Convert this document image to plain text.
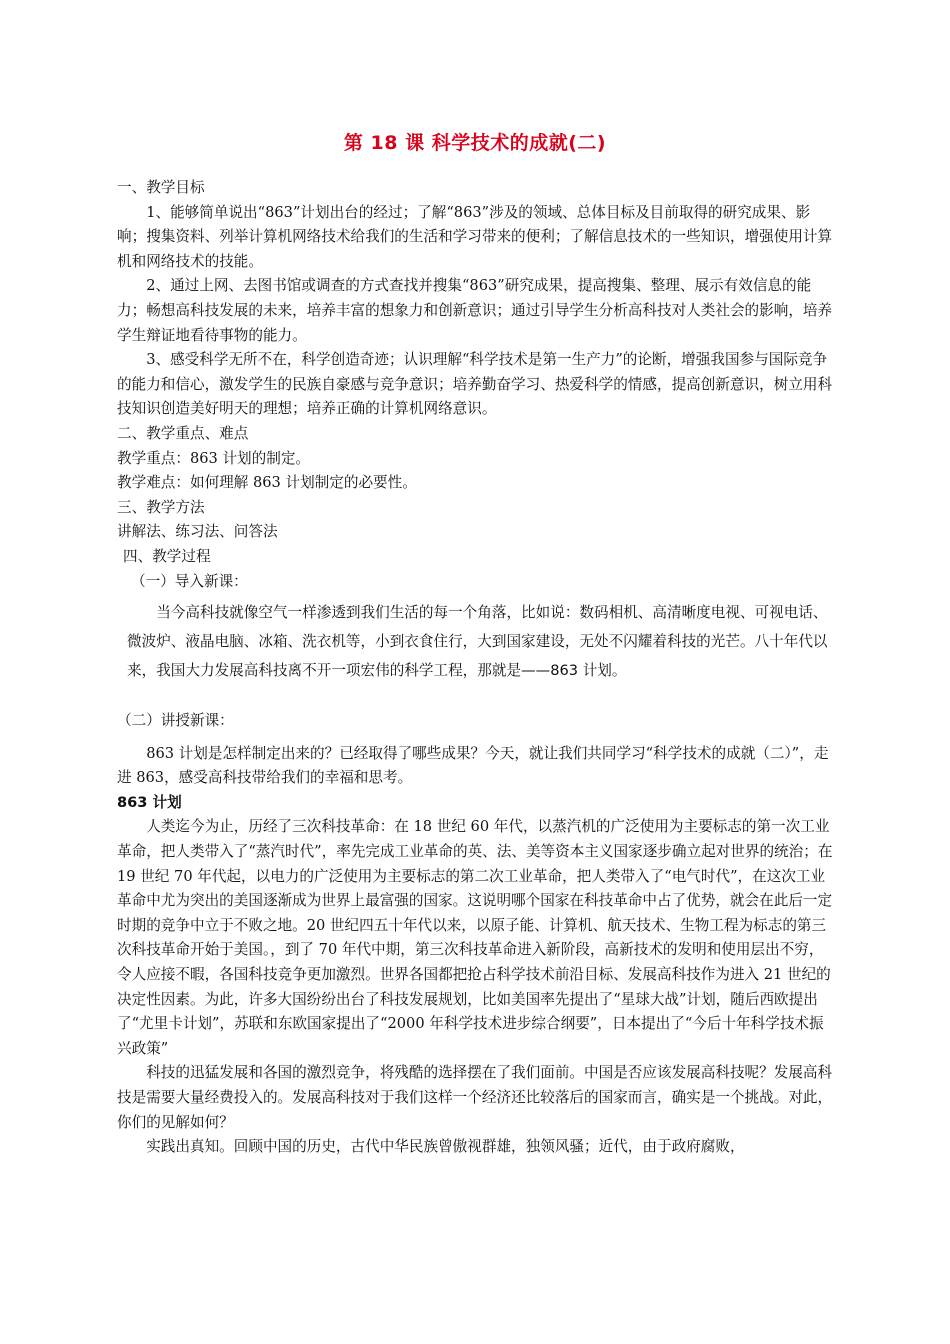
第 18 课 科学技术的成就(二)

一、教学目标

1、能够简单说出“863”计划出台的经过；了解“863”涉及的领域、总体目标及目前取得的研究成果、影响；搜集资料、列举计算机网络技术给我们的生活和学习带来的便利；了解信息技术的一些知识，增强使用计算机和网络技术的技能。

2、通过上网、去图书馆或调查的方式查找并搜集“863”研究成果，提高搜集、整理、展示有效信息的能力；畅想高科技发展的未来，培养丰富的想象力和创新意识；通过引导学生分析高科技对人类社会的影响，培养学生辩证地看待事物的能力。

3、感受科学无所不在，科学创造奇迹；认识理解“科学技术是第一生产力”的论断，增强我国参与国际竞争的能力和信心，激发学生的民族自豪感与竞争意识；培养勤奋学习、热爱科学的情感，提高创新意识，树立用科技知识创造美好明天的理想；培养正确的计算机网络意识。

二、教学重点、难点

教学重点：863 计划的制定。

教学难点：如何理解 863 计划制定的必要性。

三、教学方法

讲解法、练习法、问答法

四、教学过程

（一）导入新课：

当今高科技就像空气一样渗透到我们生活的每一个角落，比如说：数码相机、高清晰度电视、可视电话、微波炉、液晶电脑、冰箱、洗衣机等，小到衣食住行，大到国家建设，无处不闪耀着科技的光芒。八十年代以来，我国大力发展高科技离不开一项宏伟的科学工程，那就是——863 计划。

（二）讲授新课：

863 计划是怎样制定出来的？已经取得了哪些成果？今天，就让我们共同学习“科学技术的成就（二）”，走进 863，感受高科技带给我们的幸福和思考。

863 计划

人类迄今为止，历经了三次科技革命：在 18 世纪 60 年代，以蒸汽机的广泛使用为主要标志的第一次工业革命，把人类带入了“蒸汽时代”，率先完成工业革命的英、法、美等资本主义国家逐步确立起对世界的统治；在 19 世纪 70 年代起，以电力的广泛使用为主要标志的第二次工业革命，把人类带入了“电气时代”，在这次工业革命中尤为突出的美国逐渐成为世界上最富强的国家。这说明哪个国家在科技革命中占了优势，就会在此后一定时期的竞争中立于不败之地。20 世纪四五十年代以来，以原子能、计算机、航天技术、生物工程为标志的第三次科技革命开始于美国。，到了 70 年代中期，第三次科技革命进入新阶段，高新技术的发明和使用层出不穷，令人应接不暇，各国科技竞争更加激烈。世界各国都把抢占科学技术前沿目标、发展高科技作为进入 21 世纪的决定性因素。为此，许多大国纷纷出台了科技发展规划，比如美国率先提出了“星球大战”计划，随后西欧提出了“尤里卡计划”，苏联和东欧国家提出了“2000 年科学技术进步综合纲要”，日本提出了“今后十年科学技术振兴政策”

科技的迅猛发展和各国的激烈竞争，将残酷的选择摆在了我们面前。中国是否应该发展高科技呢？发展高科技是需要大量经费投入的。发展高科技对于我们这样一个经济还比较落后的国家而言，确实是一个挑战。对此，你们的见解如何？

实践出真知。回顾中国的历史，古代中华民族曾傲视群雄，独领风骚；近代，由于政府腐败，
